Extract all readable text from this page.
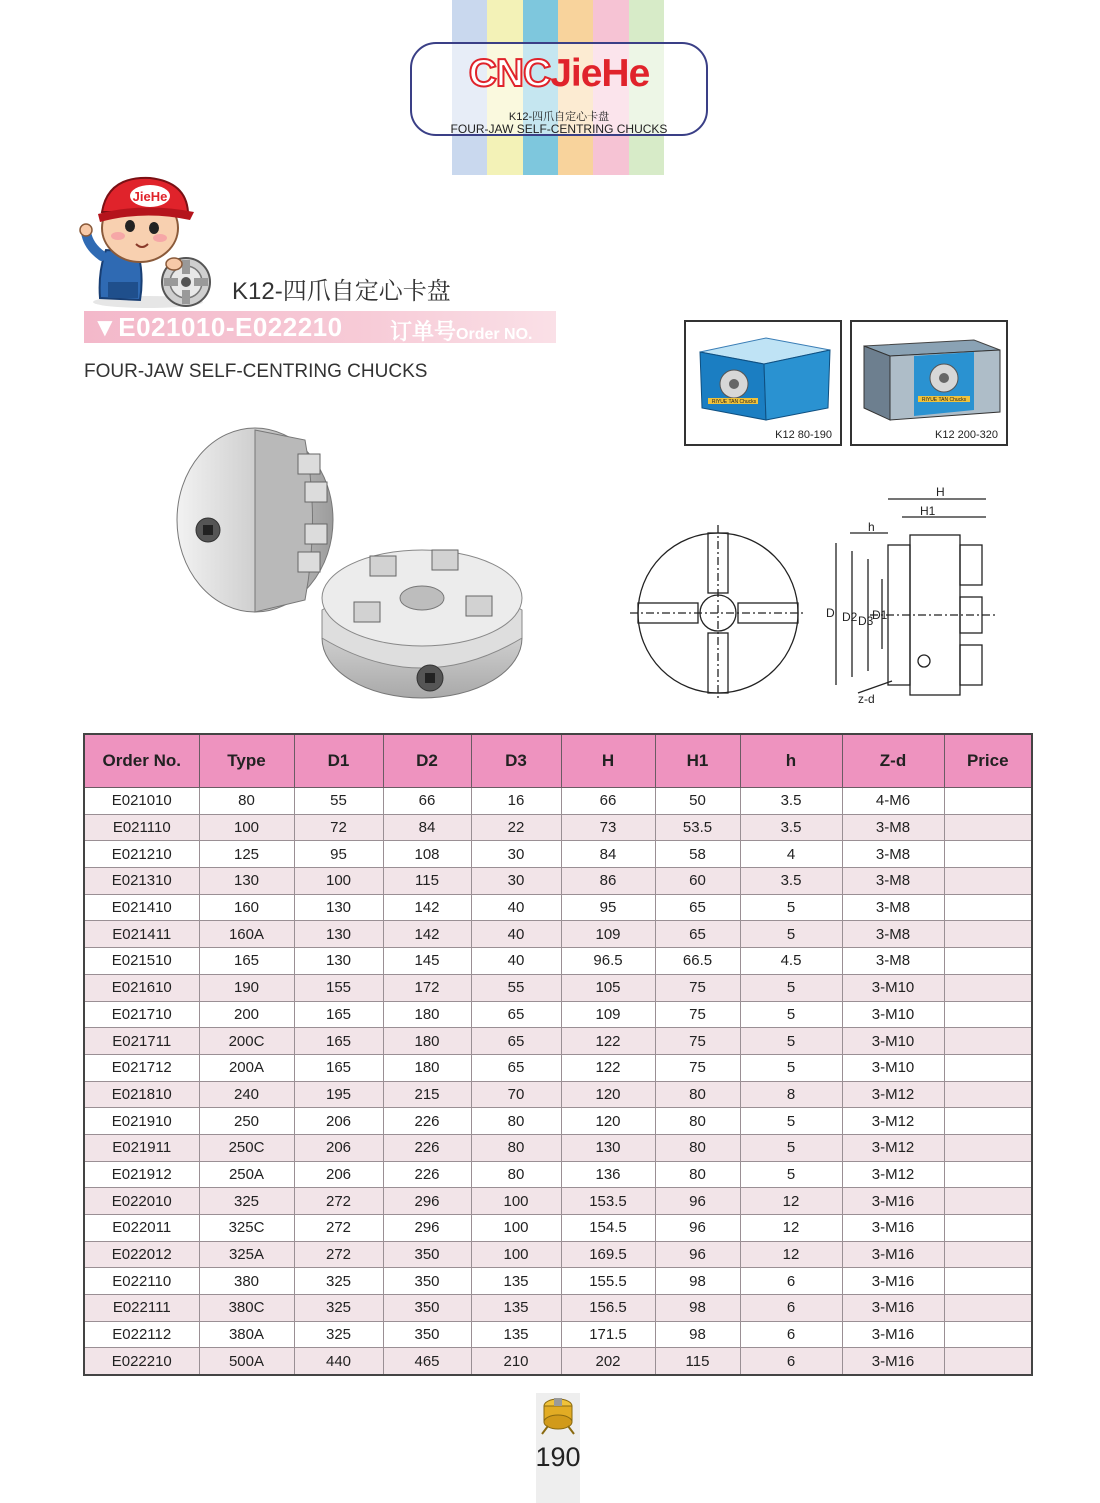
CNCJieHe
K12-四爪自定心卡盘
FOUR-JAW SELF-CENTRING CHUCKS
JieHe
K12-四爪自定心卡盘
▼E021010-E022210 订单号Order NO.
FOUR-JAW SELF-CENTRING CHUCKS
RIYUE TAN Chucks
K12 80-190
RIYUE TAN Chucks
K12 200-320
H
H1
h
D D2 D3
D1
z-d
Order No.	Type	D1	D2	D3	H	H1	h	Z-d	Price
E021010	80	55	66	16	66	50	3.5	4-M6	
E021110	100	72	84	22	73	53.5	3.5	3-M8	
E021210	125	95	108	30	84	58	4	3-M8	
E021310	130	100	115	30	86	60	3.5	3-M8	
E021410	160	130	142	40	95	65	5	3-M8	
E021411	160A	130	142	40	109	65	5	3-M8	
E021510	165	130	145	40	96.5	66.5	4.5	3-M8	
E021610	190	155	172	55	105	75	5	3-M10	
E021710	200	165	180	65	109	75	5	3-M10	
E021711	200C	165	180	65	122	75	5	3-M10	
E021712	200A	165	180	65	122	75	5	3-M10	
E021810	240	195	215	70	120	80	8	3-M12	
E021910	250	206	226	80	120	80	5	3-M12	
E021911	250C	206	226	80	130	80	5	3-M12	
E021912	250A	206	226	80	136	80	5	3-M12	
E022010	325	272	296	100	153.5	96	12	3-M16	
E022011	325C	272	296	100	154.5	96	12	3-M16	
E022012	325A	272	350	100	169.5	96	12	3-M16	
E022110	380	325	350	135	155.5	98	6	3-M16	
E022111	380C	325	350	135	156.5	98	6	3-M16	
E022112	380A	325	350	135	171.5	98	6	3-M16	
E022210	500A	440	465	210	202	115	6	3-M16	
190
